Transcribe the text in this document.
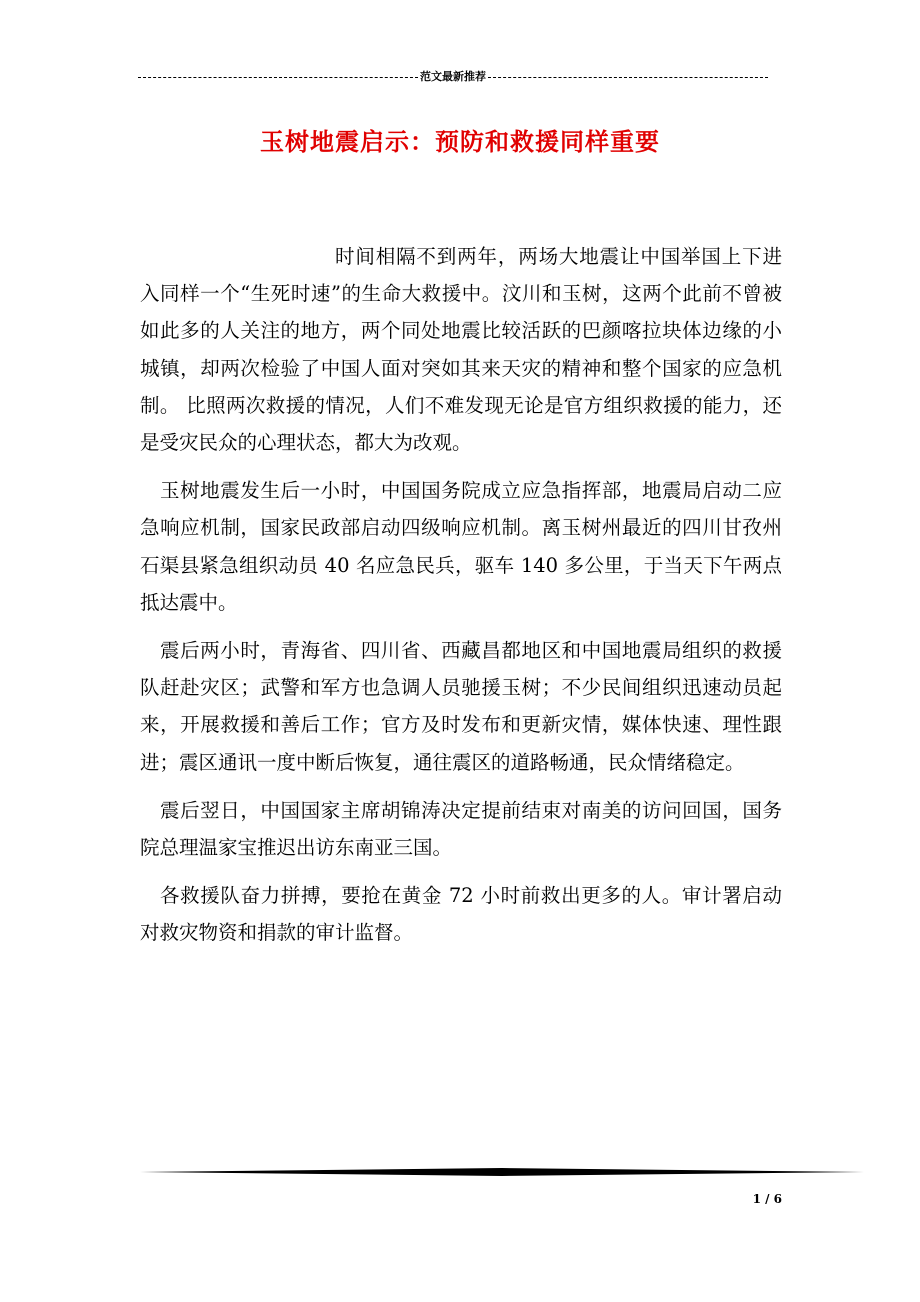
范文最新推荐
玉树地震启示：预防和救援同样重要

时间相隔不到两年，两场大地震让中国举国上下进入同样一个“生死时速”的生命大救援中。汶川和玉树，这两个此前不曾被如此多的人关注的地方，两个同处地震比较活跃的巴颜喀拉块体边缘的小城镇，却两次检验了中国人面对突如其来天灾的精神和整个国家的应急机制。 比照两次救援的情况，人们不难发现无论是官方组织救援的能力，还是受灾民众的心理状态，都大为改观。

玉树地震发生后一小时，中国国务院成立应急指挥部，地震局启动二应急响应机制，国家民政部启动四级响应机制。离玉树州最近的四川甘孜州石渠县紧急组织动员 40 名应急民兵，驱车 140 多公里，于当天下午两点抵达震中。

震后两小时，青海省、四川省、西藏昌都地区和中国地震局组织的救援队赶赴灾区；武警和军方也急调人员驰援玉树；不少民间组织迅速动员起来，开展救援和善后工作；官方及时发布和更新灾情，媒体快速、理性跟进；震区通讯一度中断后恢复，通往震区的道路畅通，民众情绪稳定。

震后翌日，中国国家主席胡锦涛决定提前结束对南美的访问回国，国务院总理温家宝推迟出访东南亚三国。

各救援队奋力拼搏，要抢在黄金 72 小时前救出更多的人。审计署启动对救灾物资和捐款的审计监督。

1 / 6
